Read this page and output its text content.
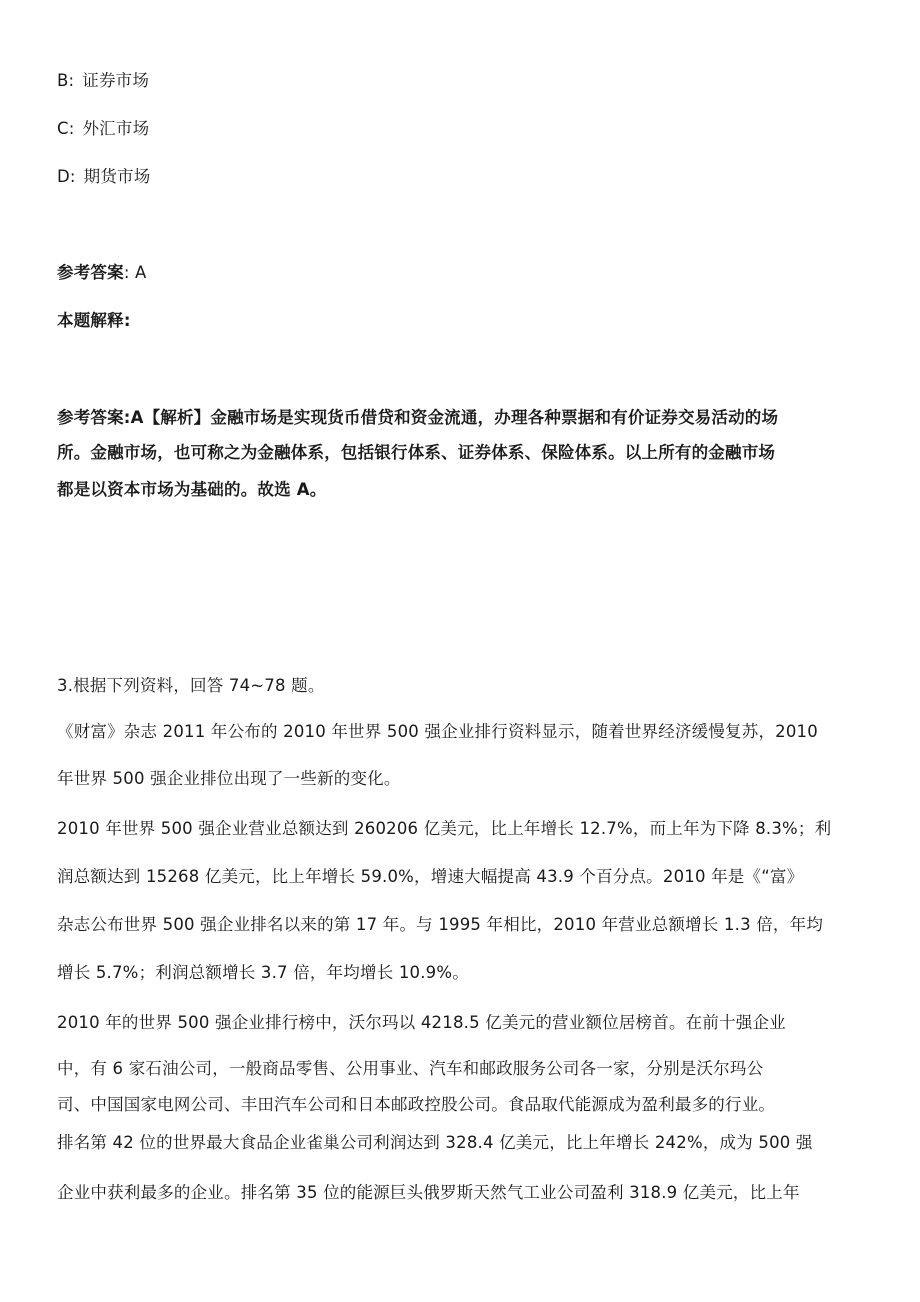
B: 证券市场
C: 外汇市场
D: 期货市场
参考答案: A
本题解释:
参考答案:A【解析】金融市场是实现货币借贷和资金流通，办理各种票据和有价证券交易活动的场
所。金融市场，也可称之为金融体系，包括银行体系、证券体系、保险体系。以上所有的金融市场
都是以资本市场为基础的。故选 A。
3.根据下列资料，回答 74~78 题。
《财富》杂志 2011 年公布的 2010 年世界 500 强企业排行资料显示，随着世界经济缓慢复苏，2010
年世界 500 强企业排位出现了一些新的变化。
2010 年世界 500 强企业营业总额达到 260206 亿美元，比上年增长 12.7%，而上年为下降 8.3%；利
润总额达到 15268 亿美元，比上年增长 59.0%，增速大幅提高 43.9 个百分点。2010 年是《“富》
杂志公布世界 500 强企业排名以来的第 17 年。与 1995 年相比，2010 年营业总额增长 1.3 倍，年均
增长 5.7%；利润总额增长 3.7 倍，年均增长 10.9%。
2010 年的世界 500 强企业排行榜中，沃尔玛以 4218.5 亿美元的营业额位居榜首。在前十强企业
中，有 6 家石油公司，一般商品零售、公用事业、汽车和邮政服务公司各一家，分别是沃尔玛公
司、中国国家电网公司、丰田汽车公司和日本邮政控股公司。食品取代能源成为盈利最多的行业。
排名第 42 位的世界最大食品企业雀巢公司利润达到 328.4 亿美元，比上年增长 242%，成为 500 强
企业中获利最多的企业。排名第 35 位的能源巨头俄罗斯天然气工业公司盈利 318.9 亿美元，比上年
